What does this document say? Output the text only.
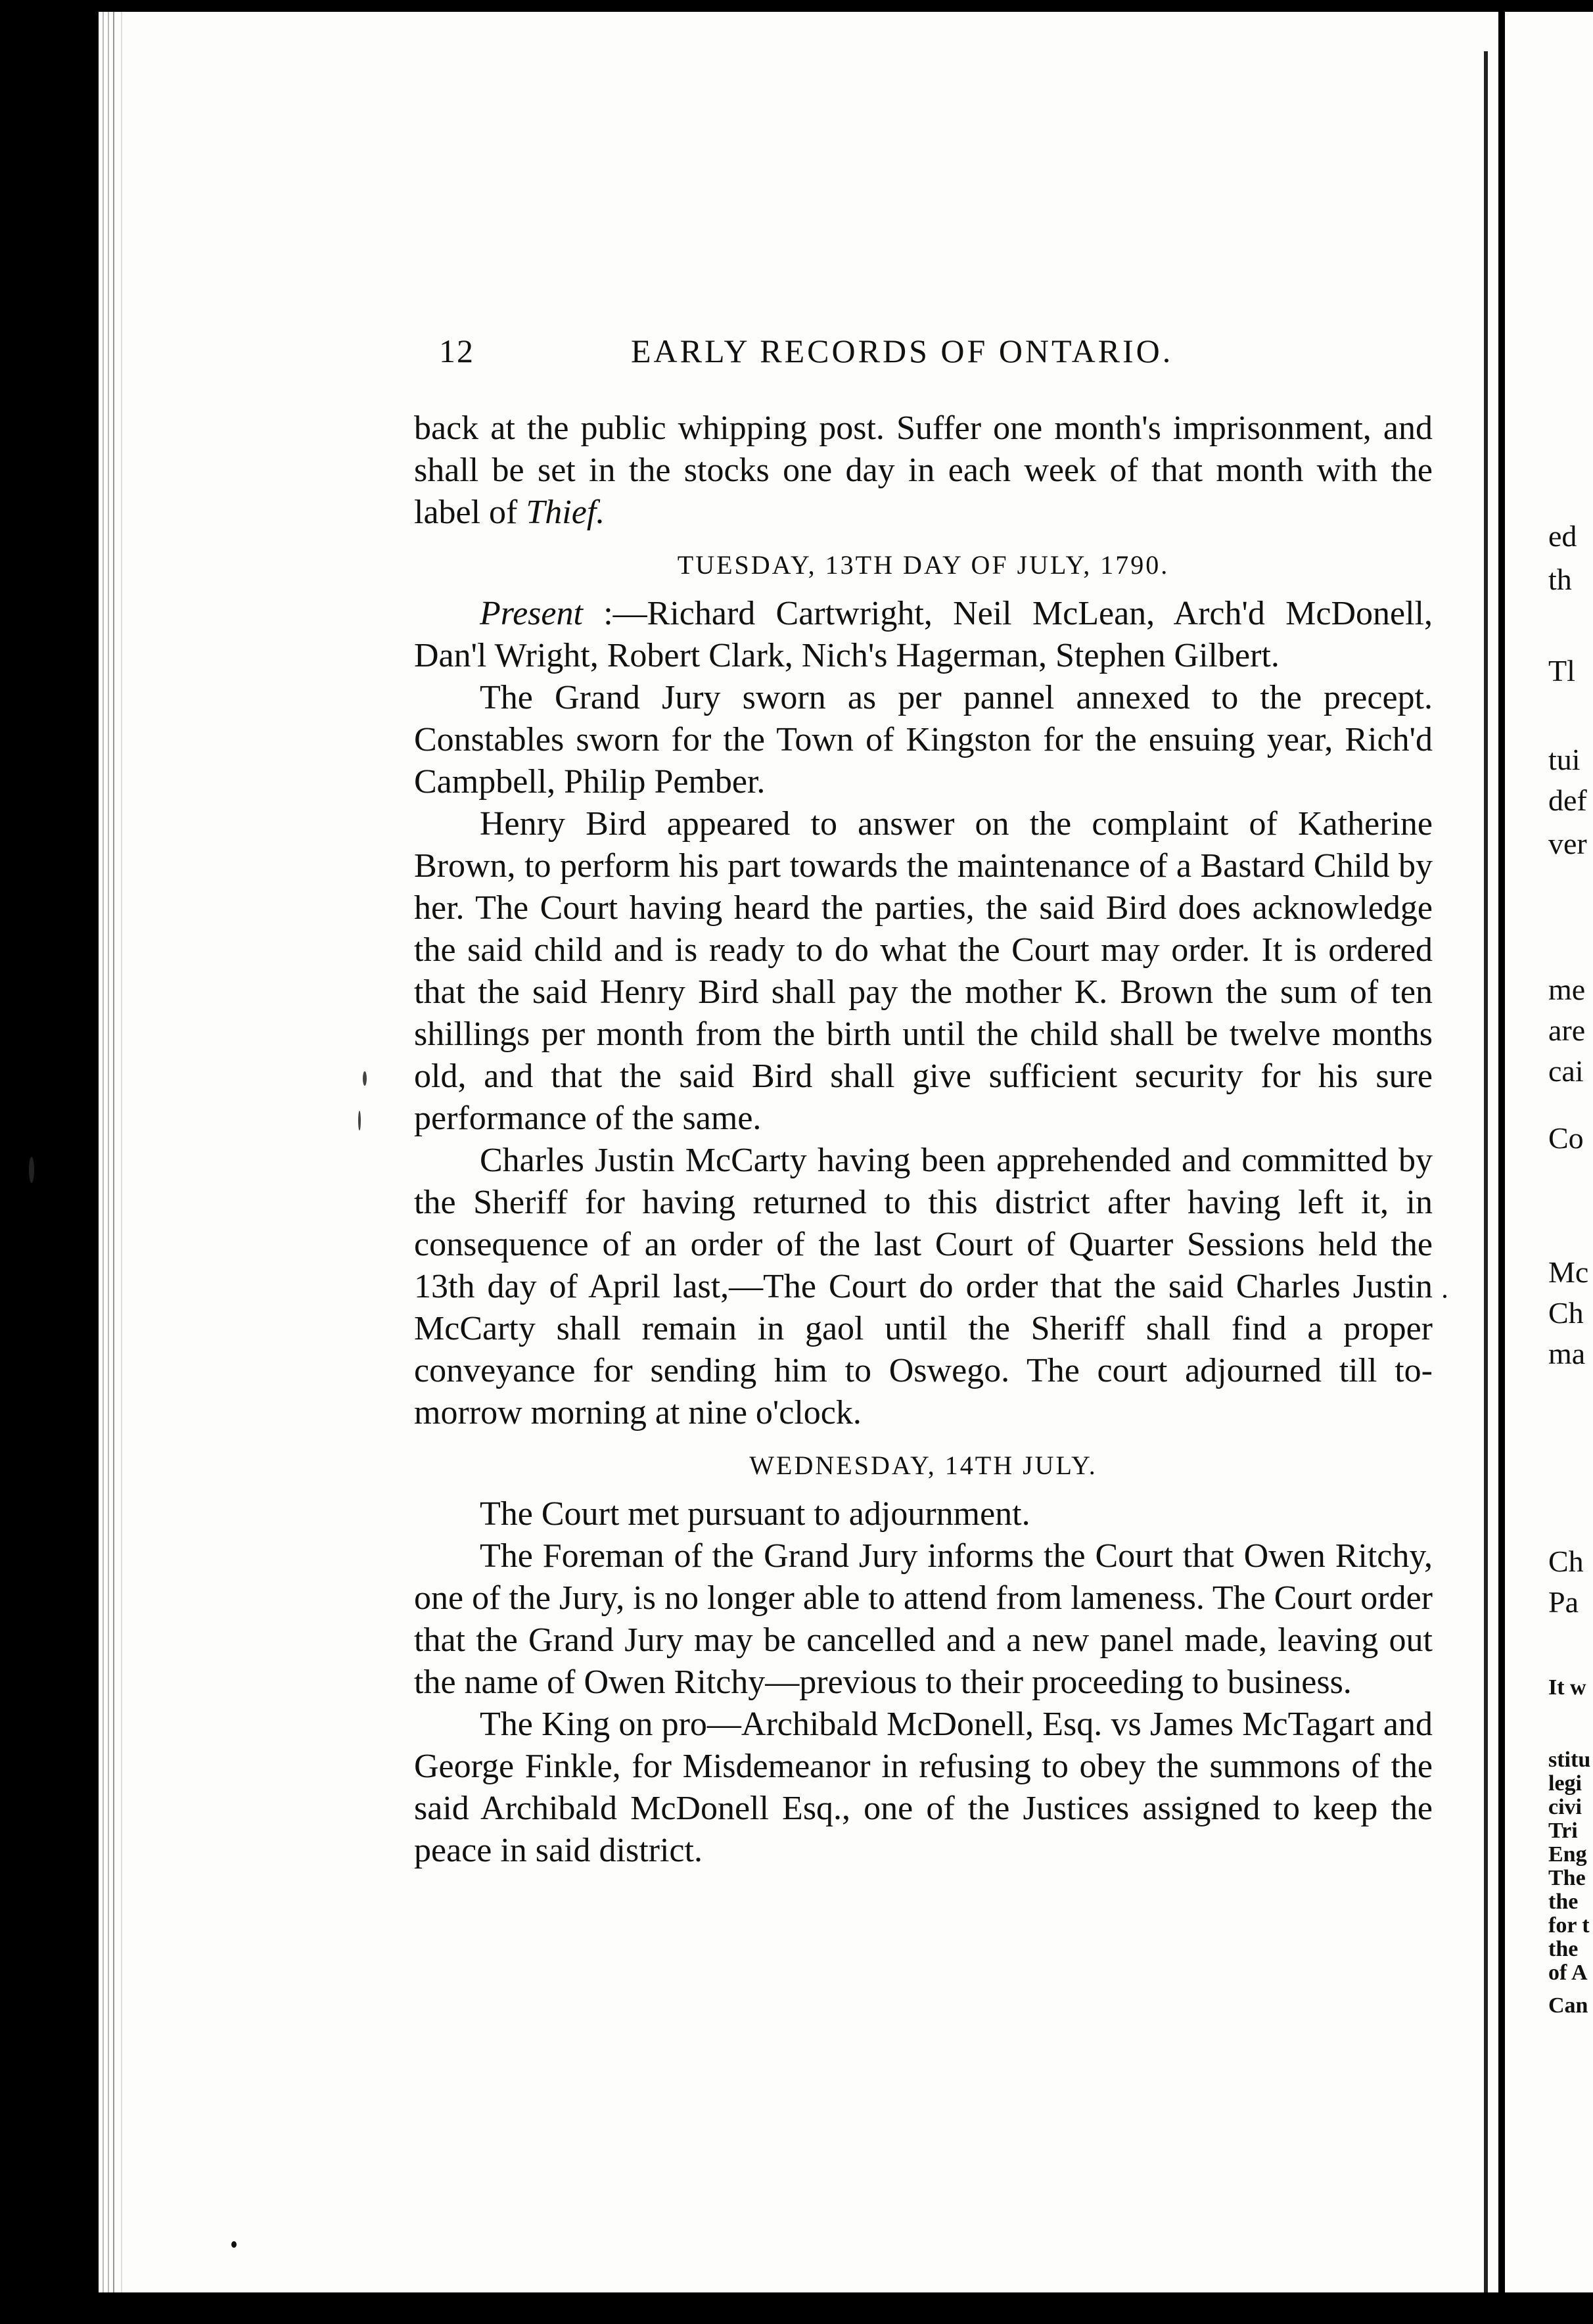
12	EARLY RECORDS OF ONTARIO.

back at the public whipping post. Suffer one month's imprisonment, and shall be set in the stocks one day in each week of that month with the label of Thief.

TUESDAY, 13TH DAY OF JULY, 1790.

Present :—Richard Cartwright, Neil McLean, Arch'd McDonell, Dan'l Wright, Robert Clark, Nich's Hagerman, Stephen Gilbert.

The Grand Jury sworn as per pannel annexed to the precept. Constables sworn for the Town of Kingston for the ensuing year, Rich'd Campbell, Philip Pember.

Henry Bird appeared to answer on the complaint of Katherine Brown, to perform his part towards the maintenance of a Bastard Child by her. The Court having heard the parties, the said Bird does acknowledge the said child and is ready to do what the Court may order. It is ordered that the said Henry Bird shall pay the mother K. Brown the sum of ten shillings per month from the birth until the child shall be twelve months old, and that the said Bird shall give sufficient security for his sure performance of the same.

Charles Justin McCarty having been apprehended and committed by the Sheriff for having returned to this district after having left it, in consequence of an order of the last Court of Quarter Sessions held the 13th day of April last,—The Court do order that the said Charles Justin McCarty shall remain in gaol until the Sheriff shall find a proper conveyance for sending him to Oswego. The court adjourned till to-morrow morning at nine o'clock.

WEDNESDAY, 14TH JULY.

The Court met pursuant to adjournment.

The Foreman of the Grand Jury informs the Court that Owen Ritchy, one of the Jury, is no longer able to attend from lameness. The Court order that the Grand Jury may be cancelled and a new panel made, leaving out the name of Owen Ritchy—previous to their proceeding to business.

The King on pro—Archibald McDonell, Esq. vs James McTagart and George Finkle, for Misdemeanor in refusing to obey the summons of the said Archibald McDonell Esq., one of the Justices assigned to keep the peace in said district.

ed
th
Tl
tui
def
ver
me
are
cai
Co
Mc
Ch
ma
Ch
Pa
It w
stitu
legi
civi
Tri
Eng
The
the
for t
the
of A
Can
